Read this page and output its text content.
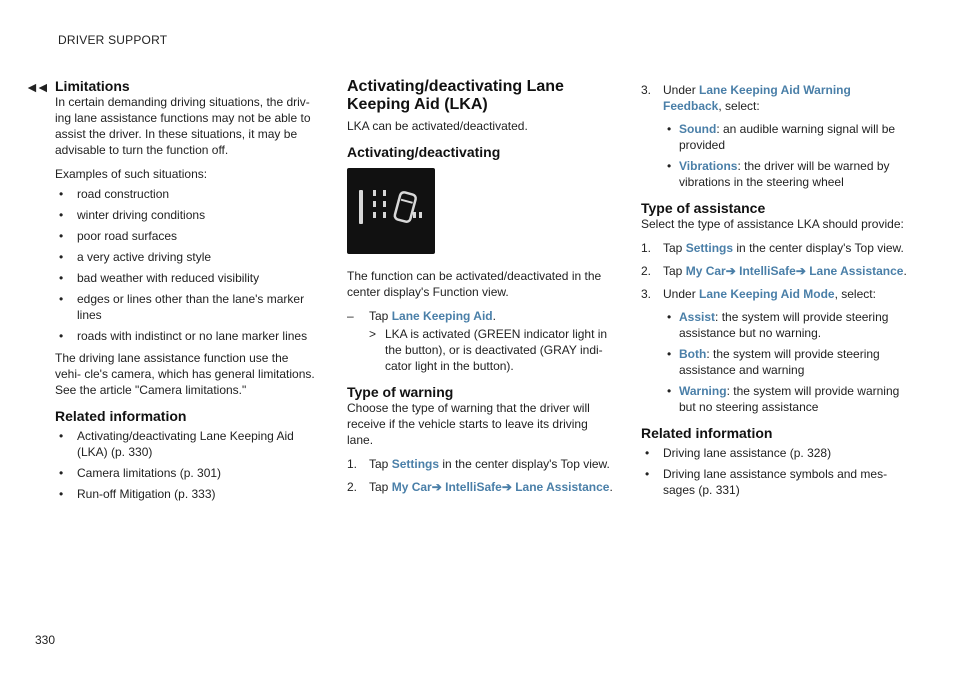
DRIVER SUPPORT
◄◄
330
Limitations

In certain demanding driving situations, the driv- ing lane assistance functions may not be able to assist the driver. In these situations, it may be advisable to turn the function off.

Examples of such situations:

• road construction
• winter driving conditions
• poor road surfaces
• a very active driving style
• bad weather with reduced visibility
• edges or lines other than the lane's marker lines
• roads with indistinct or no lane marker lines

The driving lane assistance function use the vehi- cle's camera, which has general limitations. See the article "Camera limitations."

Related information
• Activating/deactivating Lane Keeping Aid (LKA) (p. 330)
• Camera limitations (p. 301)
• Run-off Mitigation (p. 333)
Activating/deactivating Lane Keeping Aid (LKA)

LKA can be activated/deactivated.

Activating/deactivating

The function can be activated/deactivated in the center display's Function view.

– Tap Lane Keeping Aid.
> LKA is activated (GREEN indicator light in the button), or is deactivated (GRAY indi- cator light in the button).
Type of warning

Choose the type of warning that the driver will receive if the vehicle starts to leave its driving lane.

1. Tap Settings in the center display's Top view.
2. Tap My Car➔ IntelliSafe➔ Lane Assistance.
3. Under Lane Keeping Aid Warning Feedback, select:
• Sound: an audible warning signal will be provided
• Vibrations: the driver will be warned by vibrations in the steering wheel
Type of assistance

Select the type of assistance LKA should provide:

1. Tap Settings in the center display's Top view.
2. Tap My Car➔ IntelliSafe➔ Lane Assistance.
3. Under Lane Keeping Aid Mode, select:
• Assist: the system will provide steering assistance but no warning.
• Both: the system will provide steering assistance and warning
• Warning: the system will provide warning but no steering assistance
Related information
• Driving lane assistance (p. 328)
• Driving lane assistance symbols and mes- sages (p. 331)
